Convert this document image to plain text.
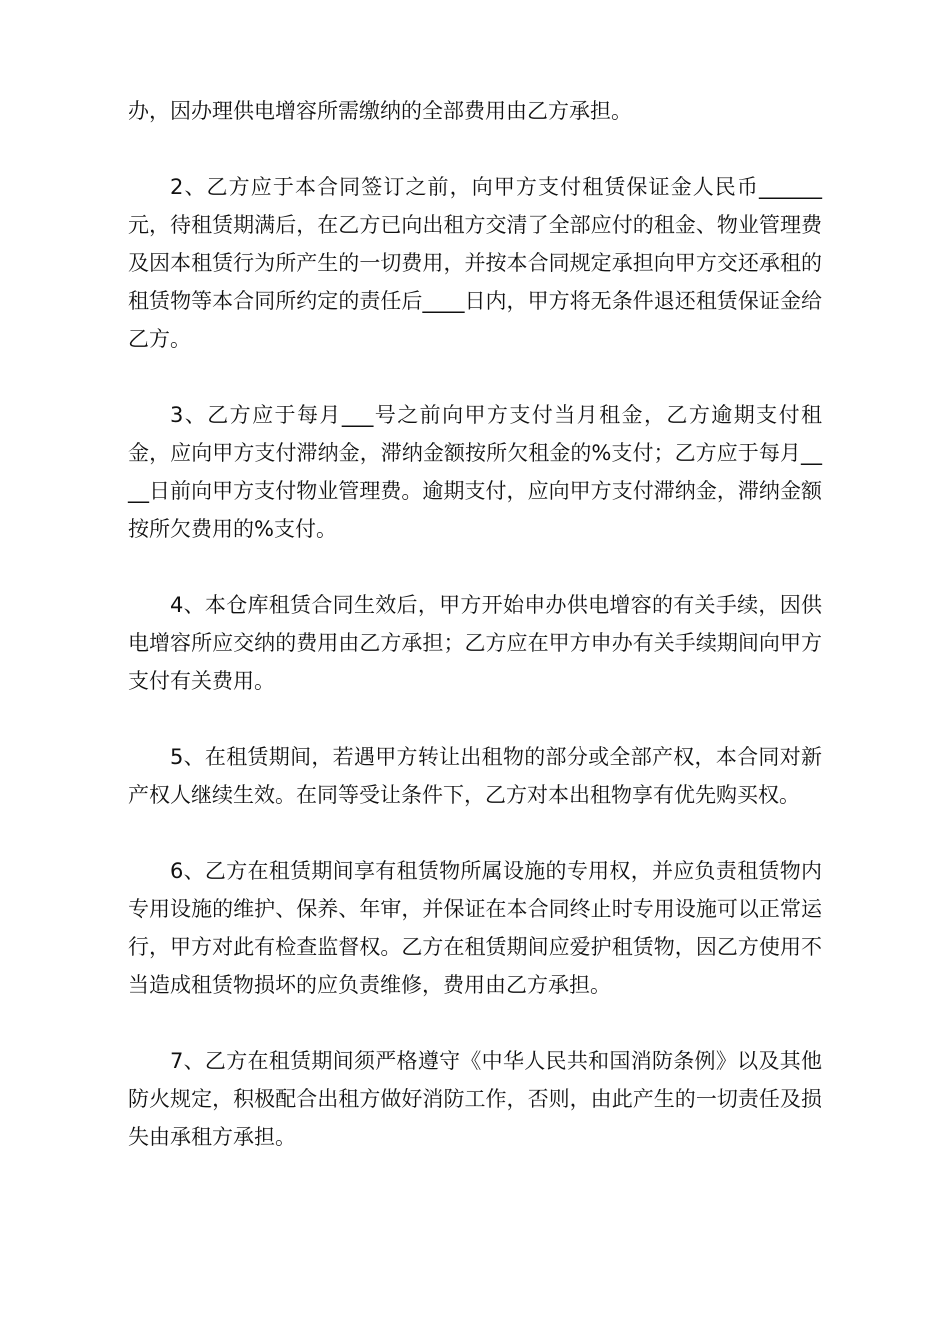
办，因办理供电增容所需缴纳的全部费用由乙方承担。

2、乙方应于本合同签订之前，向甲方支付租赁保证金人民币______元，待租赁期满后，在乙方已向出租方交清了全部应付的租金、物业管理费及因本租赁行为所产生的一切费用，并按本合同规定承担向甲方交还承租的租赁物等本合同所约定的责任后____日内，甲方将无条件退还租赁保证金给乙方。

3、乙方应于每月___号之前向甲方支付当月租金，乙方逾期支付租金，应向甲方支付滞纳金，滞纳金额按所欠租金的%支付；乙方应于每月____日前向甲方支付物业管理费。逾期支付，应向甲方支付滞纳金，滞纳金额按所欠费用的%支付。

4、本仓库租赁合同生效后，甲方开始申办供电增容的有关手续，因供电增容所应交纳的费用由乙方承担；乙方应在甲方申办有关手续期间向甲方支付有关费用。

5、在租赁期间，若遇甲方转让出租物的部分或全部产权，本合同对新产权人继续生效。在同等受让条件下，乙方对本出租物享有优先购买权。

6、乙方在租赁期间享有租赁物所属设施的专用权，并应负责租赁物内专用设施的维护、保养、年审，并保证在本合同终止时专用设施可以正常运行，甲方对此有检查监督权。乙方在租赁期间应爱护租赁物，因乙方使用不当造成租赁物损坏的应负责维修，费用由乙方承担。

7、乙方在租赁期间须严格遵守《中华人民共和国消防条例》以及其他防火规定，积极配合出租方做好消防工作，否则，由此产生的一切责任及损失由承租方承担。
